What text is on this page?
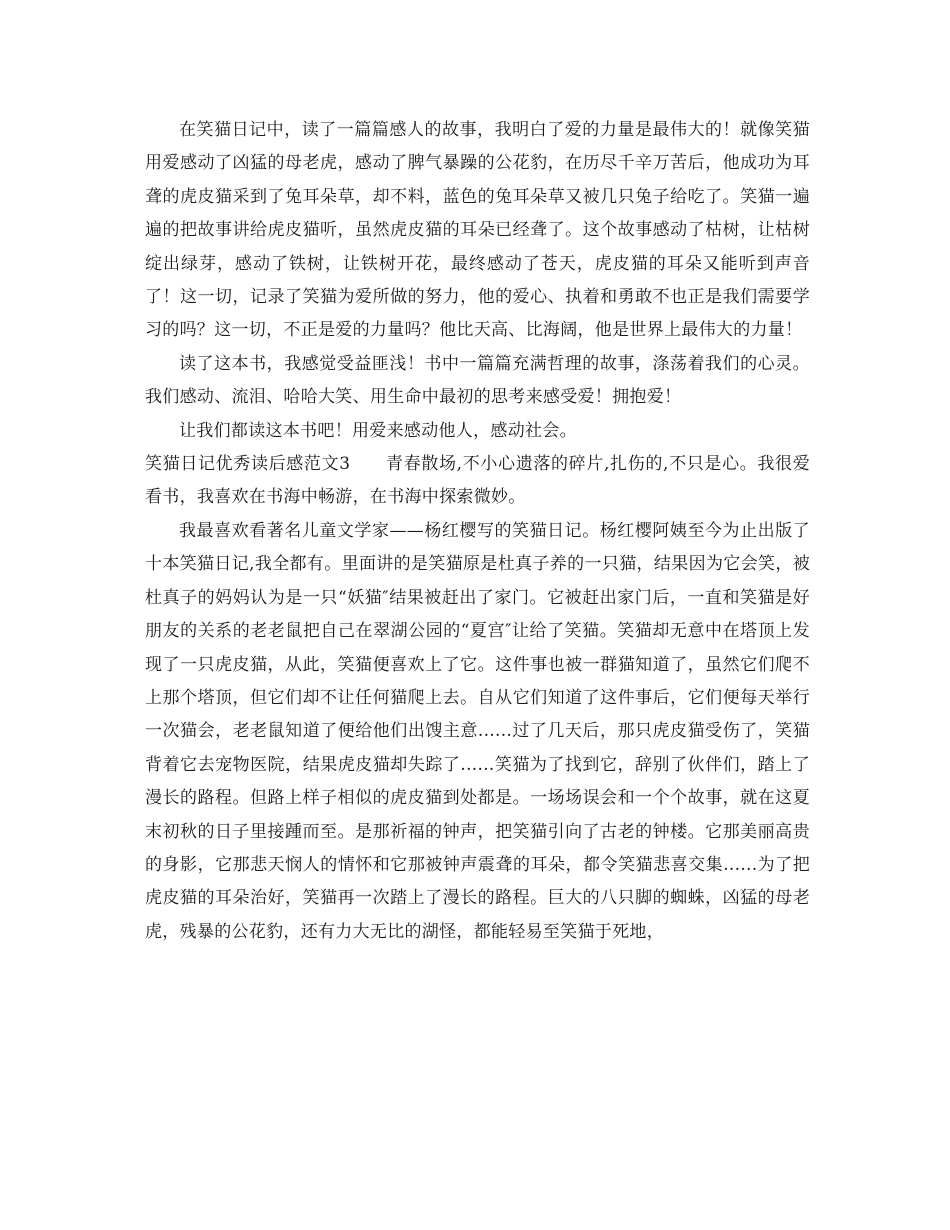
在笑猫日记中，读了一篇篇感人的故事，我明白了爱的力量是最伟大的！就像笑猫用爱感动了凶猛的母老虎，感动了脾气暴躁的公花豹，在历尽千辛万苦后，他成功为耳聋的虎皮猫采到了兔耳朵草，却不料，蓝色的兔耳朵草又被几只兔子给吃了。笑猫一遍遍的把故事讲给虎皮猫听，虽然虎皮猫的耳朵已经聋了。这个故事感动了枯树，让枯树绽出绿芽，感动了铁树，让铁树开花，最终感动了苍天，虎皮猫的耳朵又能听到声音了！这一切，记录了笑猫为爱所做的努力，他的爱心、执着和勇敢不也正是我们需要学习的吗？这一切，不正是爱的力量吗？他比天高、比海阔，他是世界上最伟大的力量！

读了这本书，我感觉受益匪浅！书中一篇篇充满哲理的故事，涤荡着我们的心灵。我们感动、流泪、哈哈大笑、用生命中最初的思考来感受爱！拥抱爱！

让我们都读这本书吧！用爱来感动他人，感动社会。

笑猫日记优秀读后感范文3　　 青春散场,不小心遗落的碎片,扎伤的,不只是心。我很爱看书，我喜欢在书海中畅游，在书海中探索微妙。

我最喜欢看著名儿童文学家——杨红樱写的笑猫日记。杨红樱阿姨至今为止出版了十本笑猫日记,我全都有。里面讲的是笑猫原是杜真子养的一只猫，结果因为它会笑，被杜真子的妈妈认为是一只“妖猫″结果被赶出了家门。它被赶出家门后，一直和笑猫是好朋友的关系的老老鼠把自己在翠湖公园的“夏宫″让给了笑猫。笑猫却无意中在塔顶上发现了一只虎皮猫，从此，笑猫便喜欢上了它。这件事也被一群猫知道了，虽然它们爬不上那个塔顶，但它们却不让任何猫爬上去。自从它们知道了这件事后，它们便每天举行一次猫会，老老鼠知道了便给他们出馊主意......过了几天后，那只虎皮猫受伤了，笑猫背着它去宠物医院，结果虎皮猫却失踪了......笑猫为了找到它，辞别了伙伴们，踏上了漫长的路程。但路上样子相似的虎皮猫到处都是。一场场误会和一个个故事，就在这夏末初秋的日子里接踵而至。是那祈福的钟声，把笑猫引向了古老的钟楼。它那美丽高贵的身影，它那悲天悯人的情怀和它那被钟声震聋的耳朵，都令笑猫悲喜交集......为了把虎皮猫的耳朵治好，笑猫再一次踏上了漫长的路程。巨大的八只脚的蜘蛛，凶猛的母老虎，残暴的公花豹，还有力大无比的湖怪，都能轻易至笑猫于死地，
